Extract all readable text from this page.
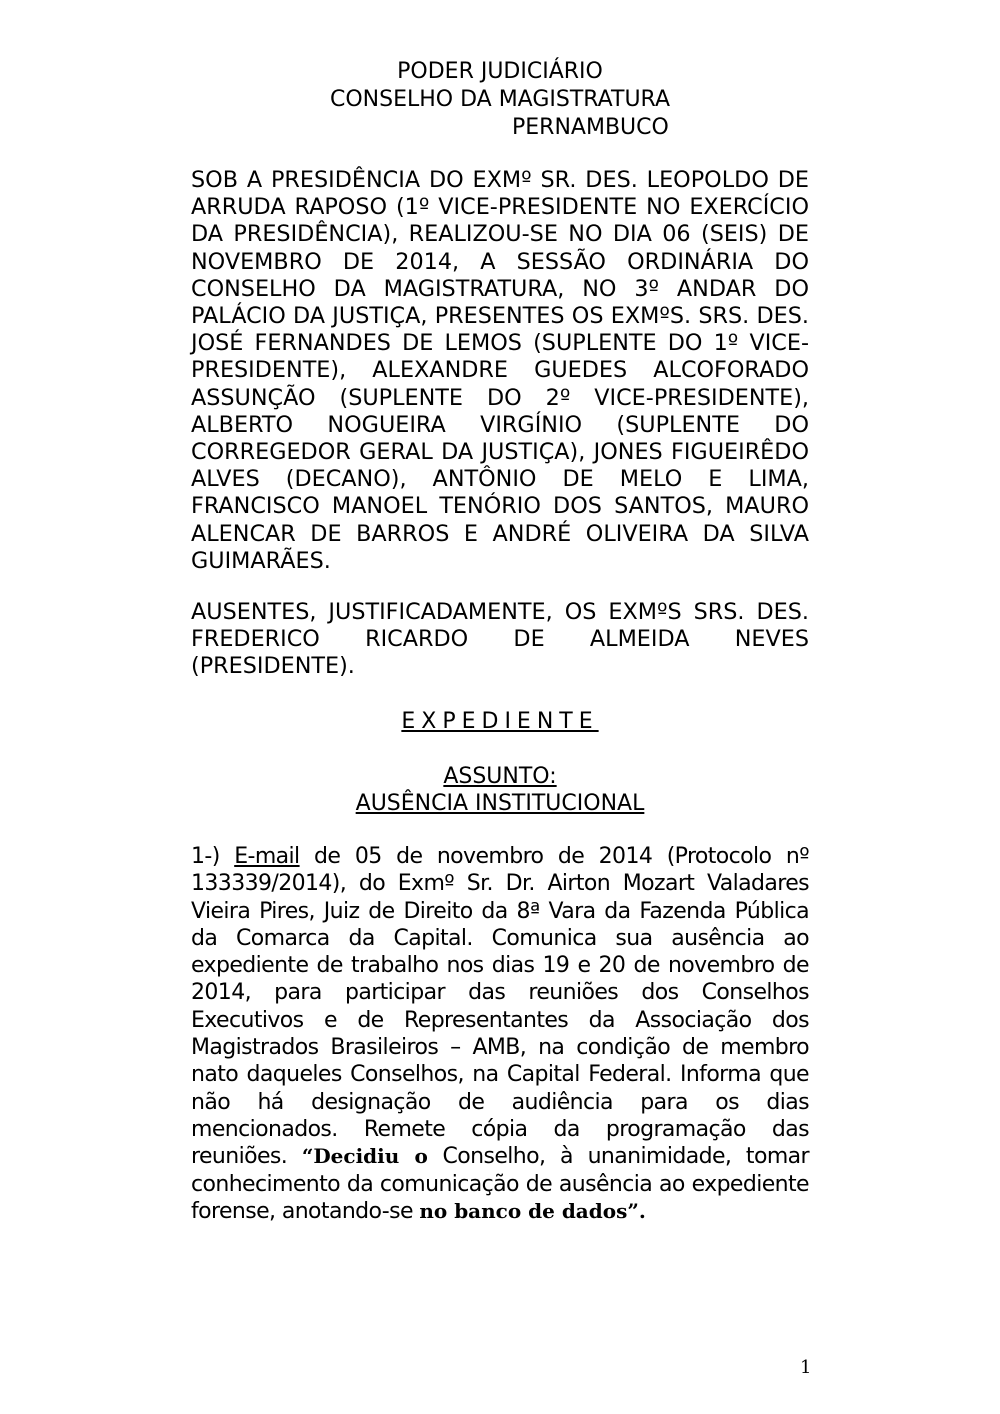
PODER JUDICIÁRIO
CONSELHO DA MAGISTRATURA
PERNAMBUCO
SOB A PRESIDÊNCIA DO EXMº SR. DES. LEOPOLDO DE ARRUDA RAPOSO (1º VICE-PRESIDENTE NO EXERCÍCIO DA PRESIDÊNCIA), REALIZOU-SE NO DIA 06 (SEIS) DE NOVEMBRO DE 2014, A SESSÃO ORDINÁRIA DO CONSELHO DA MAGISTRATURA, NO 3º ANDAR DO PALÁCIO DA JUSTIÇA, PRESENTES OS EXMºS. SRS. DES. JOSÉ FERNANDES DE LEMOS (SUPLENTE DO 1º VICE-PRESIDENTE), ALEXANDRE GUEDES ALCOFORADO ASSUNÇÃO (SUPLENTE DO 2º VICE-PRESIDENTE), ALBERTO NOGUEIRA VIRGÍNIO (SUPLENTE DO CORREGEDOR GERAL DA JUSTIÇA), JONES FIGUEIRÊDO ALVES (DECANO), ANTÔNIO DE MELO E LIMA, FRANCISCO MANOEL TENÓRIO DOS SANTOS, MAURO ALENCAR DE BARROS E ANDRÉ OLIVEIRA DA SILVA GUIMARÃES.
AUSENTES, JUSTIFICADAMENTE, OS EXMºS SRS. DES. FREDERICO RICARDO DE ALMEIDA NEVES (PRESIDENTE).
EXPEDIENTE
ASSUNTO:
AUSÊNCIA INSTITUCIONAL
1-) E-mail de 05 de novembro de 2014 (Protocolo nº 133339/2014), do Exmº Sr. Dr. Airton Mozart Valadares Vieira Pires, Juiz de Direito da 8ª Vara da Fazenda Pública da Comarca da Capital. Comunica sua ausência ao expediente de trabalho nos dias 19 e 20 de novembro de 2014, para participar das reuniões dos Conselhos Executivos e de Representantes da Associação dos Magistrados Brasileiros – AMB, na condição de membro nato daqueles Conselhos, na Capital Federal. Informa que não há designação de audiência para os dias mencionados. Remete cópia da programação das reuniões. “Decidiu o Conselho, à unanimidade, tomar conhecimento da comunicação de ausência ao expediente forense, anotando-se no banco de dados”.
1
